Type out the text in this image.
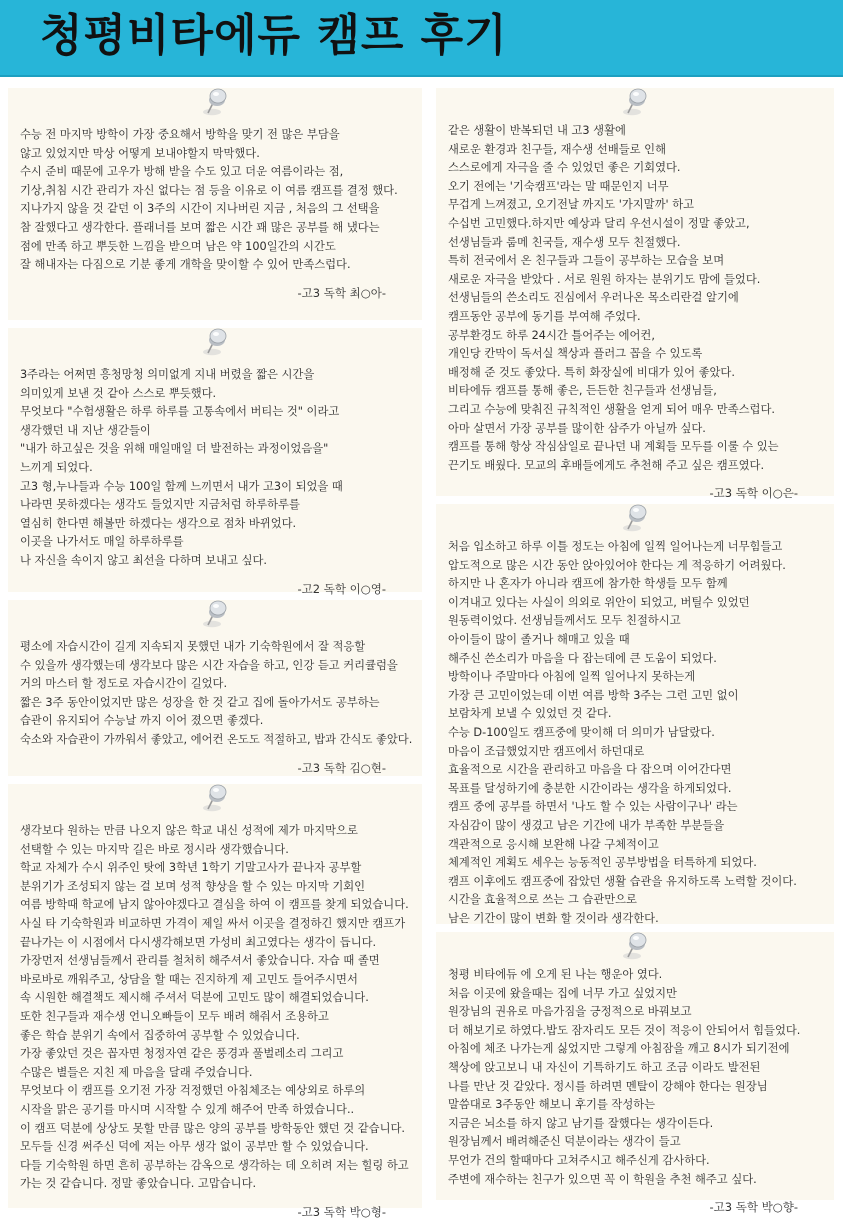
청평비타에듀 캠프 후기
수능 전 마지막 방학이 가장 중요해서 방학을 맞기 전 많은 부담을
않고 있었지만 막상 어떻게 보내야할지 막막했다.
수시 준비 때문에 고우가 방해 받을 수도 있고 더운 여름이라는 점,
기상,취침 시간 관리가 자신 없다는 점 등을 이유로 이 여름 캠프를 결정 했다.
지나가지 않을 것 같던 이 3주의 시간이 지나버린 지금 , 처음의 그 선택을
참 잘했다고 생각한다. 플래너를 보며 짧은 시간 꽤 많은 공부를 해 냈다는
점에 만족 하고 뿌듯한 느낌을 받으며 남은 약 100일간의 시간도
잘 해내자는 다짐으로 기분 좋게 개학을 맞이할 수 있어 만족스럽다.
-고3 독학 최○아-
3주라는 어쩌면 흥청망청 의미없게 지내 버렸을 짧은 시간을
의미있게 보낸 것 같아 스스로 뿌듯했다.
무엇보다 "수험생활은 하루 하루를 고통속에서 버티는 것" 이라고
생각했던 내 지난 생갇들이
"내가 하고싶은 것을 위해 매일매일 더 발전하는 과정이었음을"
느끼게 되었다.
고3 형,누나들과 수능 100일 함께 느끼면서 내가 고3이 되었을 때
나라면 못하겠다는 생각도 들었지만 지금처럼 하루하루를
열심히 한다면 해볼만 하겠다는 생각으로 점차 바뀌었다.
이곳을 나가서도 매일 하루하루를
나 자신을 속이지 않고 최선을 다하며 보내고 싶다.
-고2 독학 이○영-
평소에 자습시간이 길게 지속되지 못했던 내가 기숙학원에서 잘 적응할
수 있을까 생각했는데 생각보다 많은 시간 자습을 하고, 인강 듣고 커리큘럼을
거의 마스터 할 정도로 자습시간이 길었다.
짧은 3주 동안이었지만 많은 성장을 한 것 같고 집에 돌아가서도 공부하는
습관이 유지되어 수능날 까지 이어 졌으면 좋겠다.
숙소와 자습관이 가까워서 좋았고, 에어컨 온도도 적절하고, 밥과 간식도 좋았다.
-고3 독학 김○현-
생각보다 원하는 만큼 나오지 않은 학교 내신 성적에 제가 마지막으로
선택할 수 있는 마지막 길은 바로 정시라 생각했습니다.
학교 자체가 수시 위주인 탓에 3학년 1학기 기말고사가 끝나자 공부할
분위기가 조성되지 않는 걸 보며 성적 향상을 할 수 있는 마지막 기회인
여름 방학때 학교에 남지 않아야겠다고 결심을 하여 이 캠프를 찾게 되었습니다.
사실 타 기숙학원과 비교하면 가격이 제일 싸서 이곳을 결정하긴 했지만 캠프가
끝나가는 이 시점에서 다시생각해보면 가성비 최고였다는 생각이 듭니다.
가장먼저 선생님들께서 관리를 철처히 해주셔서 좋았습니다. 자습 때 졸면
바로바로 깨워주고, 상담을 할 때는 진지하게 제 고민도 들어주시면서
속 시원한 해결책도 제시해 주셔서 덕분에 고민도 많이 해결되었습니다.
또한 친구들과 재수생 언니오빠들이 모두 배려 해줘서 조용하고
좋은 학습 분위기 속에서 집중하여 공부할 수 있었습니다.
가장 좋았던 것은 꼽자면 청정자연 같은 풍경과 풀벌레소리 그리고
수많은 별들은 지친 제 마음을 달래 주었습니다.
무엇보다 이 캠프를 오기전 가장 걱정했던 아침체조는 예상외로 하루의
시작을 맑은 공기를 마시며 시작할 수 있게 해주어 만족 하였습니다..
이 캠프 덕분에 상상도 못할 만큼 많은 양의 공부를 방학동안 했던 것 같습니다.
모두들 신경 써주신 덕에 저는 아무 생각 없이 공부만 할 수 있었습니다.
다들 기숙학원 하면 흔히 공부하는 감옥으로 생각하는 데 오히려 저는 힐링 하고
가는 것 같습니다. 정말 좋았습니다. 고맙습니다.
-고3 독학 박○형-
같은 생활이 반복되던 내 고3 생활에
새로운 환경과 친구들, 재수생 선배들로 인해
스스로에게 자극을 줄 수 있었던 좋은 기회였다.
오기 전에는 '기숙캠프'라는 말 때문인지 너무
무겁게 느껴졌고, 오기전날 까지도 '가지말까' 하고
수십번 고민했다.하지만 예상과 달리 우선시설이 정말 좋았고,
선생님들과 룸메 친국들, 재수생 모두 친절했다.
특히 전국에서 온 친구들과 그들이 공부하는 모습을 보며
새로운 자극을 받았다 . 서로 원원 하자는 분위기도 맘에 들었다.
선생님들의 쓴소리도 진심에서 우러나온 목소리란걸 알기에
캠프동안 공부에 동기를 부여해 주었다.
공부환경도 하루 24시간 틀어주는 에어컨,
개인당 칸막이 독서실 책상과 플러그 꼽을 수 있도록
배정해 준 것도 좋았다. 특히 화장실에 비대가 있어 좋았다.
비타에듀 캠프를 통해 좋은, 든든한 친구들과 선생님들,
그리고 수능에 맞춰진 규칙적인 생활을 얻게 되어 매우 만족스럽다.
아마 살면서 가장 공부를 많이한 삼주가 아닐까 싶다.
캠프를 통해 항상 작심삼일로 끝나던 내 계획들 모두를 이룰 수 있는
끈기도 배웠다. 모교의 후배들에게도 추천해 주고 싶은 캠프였다.
-고3 독학 이○은-
처음 입소하고 하루 이틀 정도는 아침에 일찍 일어나는게 너무힘들고
압도적으로 많은 시간 동안 앉아있어야 한다는 게 적응하기 어려웠다.
하지만 나 혼자가 아니라 캠프에 참가한 학생들 모두 함께
이겨내고 있다는 사실이 의외로 위안이 되었고, 버틸수 있었던
원동력이었다. 선생님들께서도 모두 친절하시고
아이들이 많이 졸거나 해매고 있을 때
해주신 쓴소리가 마음을 다 잡는데에 큰 도움이 되었다.
방학이나 주말마다 아침에 일찍 일어나지 못하는게
가장 큰 고민이었는데 이번 여름 방학 3주는 그런 고민 없이
보람차게 보낼 수 있었던 것 같다.
수능 D-100일도 캠프중에 맞이해 더 의미가 남달랐다.
마음이 조급했었지만 캠프에서 하던대로
효율적으로 시간을 관리하고 마음을 다 잡으며 이어간다면
목표를 달성하기에 충분한 시간이라는 생각을 하게되었다.
캠프 중에 공부를 하면서 '나도 할 수 있는 사람이구나' 라는
자심감이 많이 생겼고 남은 기간에 내가 부족한 부분들을
객관적으로 응시해 보완해 나갈 구체적이고
체계적인 계획도 세우는 능동적인 공부방법을 터특하게 되었다.
캠프 이후에도 캠프중에 잡았던 생활 습관을 유지하도록 노력할 것이다.
시간을 효율적으로 쓰는 그 습관만으로
남은 기간이 많이 변화 할 것이라 생각한다.
청평 비타에듀 에 오게 된 나는 행운아 였다.
처음 이곳에 왔을때는 집에 너무 가고 싶었지만
원장님의 권유로 마음가짐을 긍정적으로 바꿔보고
더 해보기로 하였다.밥도 잠자리도 모든 것이 적응이 안되어서 힘들었다.
아침에 체조 나가는게 싫었지만 그렇게 아침잠을 깨고 8시가 되기전에
책상에 앉고보니 내 자신이 기특하기도 하고 조금 이라도 발전된
나를 만난 것 같았다. 정시를 하려면 멘탈이 강해야 한다는 원장님
말씀대로 3주동안 해보니 후기를 작성하는
지금은 뇌소를 하지 않고 남기를 잘했다는 생각이든다.
원장님께서 배려해준신 덕분이라는 생각이 들고
무언가 건의 할때마다 고쳐주시고 해주신게 감사하다.
주변에 재수하는 친구가 있으면 꼭 이 학원을 추천 해주고 싶다.
-고3 독학 박○향-
